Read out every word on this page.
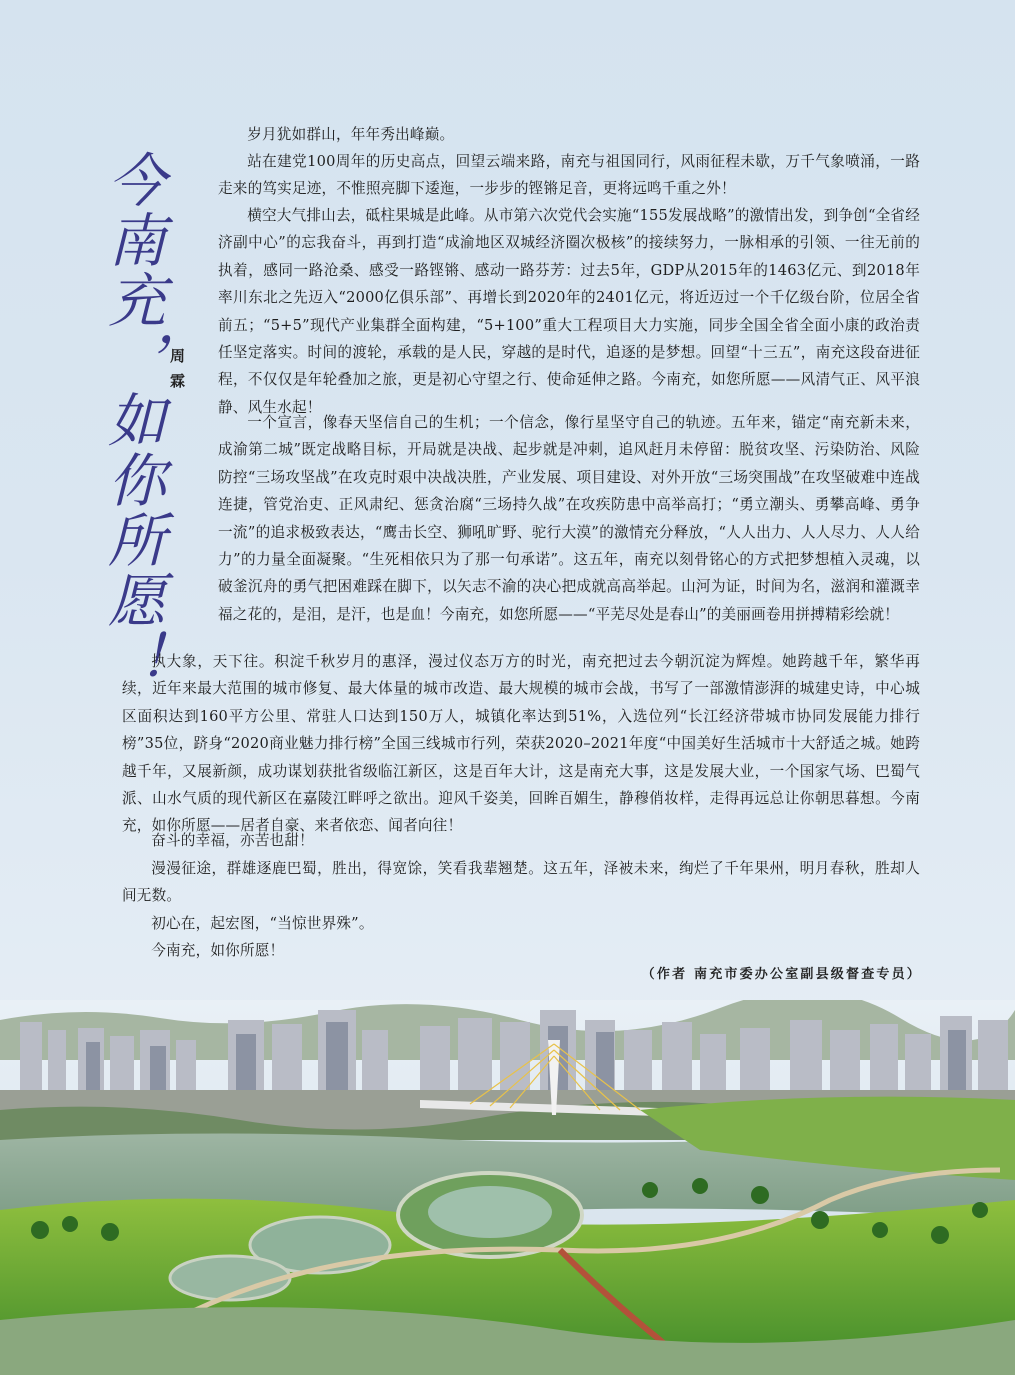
今南充，如你所愿！ 周霖

岁月犹如群山，年年秀出峰巅。

站在建党100周年的历史高点，回望云端来路，南充与祖国同行，风雨征程未歇，万千气象喷涌，一路走来的笃实足迹，不惟照亮脚下逶迤，一步步的铿锵足音，更将远鸣千重之外！

横空大气排山去，砥柱果城是此峰。从市第六次党代会实施“155发展战略”的激情出发，到争创“全省经济副中心”的忘我奋斗，再到打造“成渝地区双城经济圈次极核”的接续努力，一脉相承的引领、一往无前的执着，感同一路沧桑、感受一路铿锵、感动一路芬芳：过去5年，GDP从2015年的1463亿元、到2018年率川东北之先迈入“2000亿俱乐部”、再增长到2020年的2401亿元，将近迈过一个千亿级台阶，位居全省前五；“5+5”现代产业集群全面构建，“5+100”重大工程项目大力实施，同步全国全省全面小康的政治责任坚定落实。时间的渡轮，承载的是人民，穿越的是时代，追逐的是梦想。回望“十三五”，南充这段奋进征程，不仅仅是年轮叠加之旅，更是初心守望之行、使命延伸之路。今南充，如您所愿——风清气正、风平浪静、风生水起！

一个宣言，像春天坚信自己的生机；一个信念，像行星坚守自己的轨迹。五年来，锚定“南充新未来，成渝第二城”既定战略目标，开局就是决战、起步就是冲刺，追风赶月未停留：脱贫攻坚、污染防治、风险防控“三场攻坚战”在攻克时艰中决战决胜，产业发展、项目建设、对外开放“三场突围战”在攻坚破难中连战连捷，管党治吏、正风肃纪、惩贪治腐“三场持久战”在攻疾防患中高举高打；“勇立潮头、勇攀高峰、勇争一流”的追求极致表达，“鹰击长空、狮吼旷野、驼行大漠”的激情充分释放，“人人出力、人人尽力、人人给力”的力量全面凝聚。“生死相依只为了那一句承诺”。这五年，南充以刻骨铭心的方式把梦想植入灵魂，以破釜沉舟的勇气把困难踩在脚下，以矢志不渝的决心把成就高高举起。山河为证，时间为名，滋润和灌溉幸福之花的，是泪，是汗，也是血！今南充，如您所愿——“平芜尽处是春山”的美丽画卷用拼搏精彩绘就！

执大象，天下往。积淀千秋岁月的惠泽，漫过仪态万方的时光，南充把过去今朝沉淀为辉煌。她跨越千年，繁华再续，近年来最大范围的城市修复、最大体量的城市改造、最大规模的城市会战，书写了一部激情澎湃的城建史诗，中心城区面积达到160平方公里、常驻人口达到150万人，城镇化率达到51%，入选位列“长江经济带城市协同发展能力排行榜”35位，跻身“2020商业魅力排行榜”全国三线城市行列，荣获2020–2021年度“中国美好生活城市十大舒适之城。她跨越千年，又展新颜，成功谋划获批省级临江新区，这是百年大计，这是南充大事，这是发展大业，一个国家气场、巴蜀气派、山水气质的现代新区在嘉陵江畔呼之欲出。迎风千姿美，回眸百媚生，静穆俏妆样，走得再远总让你朝思暮想。今南充，如你所愿——居者自豪、来者依恋、闻者向往！

奋斗的幸福，亦苦也甜！

漫漫征途，群雄逐鹿巴蜀，胜出，得宽馀，笑看我辈翘楚。这五年，泽被未来，绚烂了千年果州，明月春秋，胜却人间无数。

初心在，起宏图，“当惊世界殊”。

今南充，如你所愿！

（作者 南充市委办公室副县级督查专员）
